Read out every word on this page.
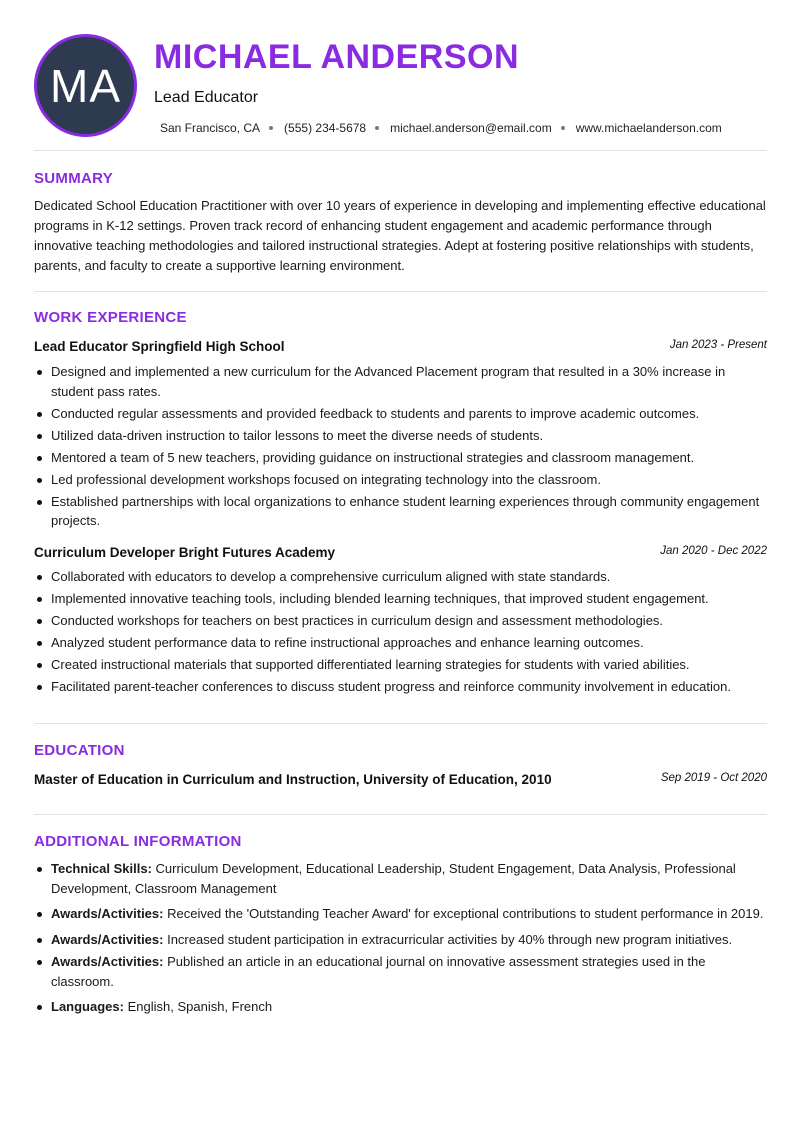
MA
MICHAEL ANDERSON
Lead Educator
San Francisco, CA (555) 234-5678 michael.anderson@email.com www.michaelanderson.com
SUMMARY
Dedicated School Education Practitioner with over 10 years of experience in developing and implementing effective educational programs in K-12 settings. Proven track record of enhancing student engagement and academic performance through innovative teaching methodologies and tailored instructional strategies. Adept at fostering positive relationships with students, parents, and faculty to create a supportive learning environment.
WORK EXPERIENCE
Lead Educator Springfield High School	Jan 2023 - Present
Designed and implemented a new curriculum for the Advanced Placement program that resulted in a 30% increase in student pass rates.
Conducted regular assessments and provided feedback to students and parents to improve academic outcomes.
Utilized data-driven instruction to tailor lessons to meet the diverse needs of students.
Mentored a team of 5 new teachers, providing guidance on instructional strategies and classroom management.
Led professional development workshops focused on integrating technology into the classroom.
Established partnerships with local organizations to enhance student learning experiences through community engagement projects.
Curriculum Developer Bright Futures Academy	Jan 2020 - Dec 2022
Collaborated with educators to develop a comprehensive curriculum aligned with state standards.
Implemented innovative teaching tools, including blended learning techniques, that improved student engagement.
Conducted workshops for teachers on best practices in curriculum design and assessment methodologies.
Analyzed student performance data to refine instructional approaches and enhance learning outcomes.
Created instructional materials that supported differentiated learning strategies for students with varied abilities.
Facilitated parent-teacher conferences to discuss student progress and reinforce community involvement in education.
EDUCATION
Master of Education in Curriculum and Instruction, University of Education, 2010	Sep 2019 - Oct 2020
ADDITIONAL INFORMATION
Technical Skills: Curriculum Development, Educational Leadership, Student Engagement, Data Analysis, Professional Development, Classroom Management
Awards/Activities: Received the 'Outstanding Teacher Award' for exceptional contributions to student performance in 2019.
Awards/Activities: Increased student participation in extracurricular activities by 40% through new program initiatives.
Awards/Activities: Published an article in an educational journal on innovative assessment strategies used in the classroom.
Languages: English, Spanish, French
